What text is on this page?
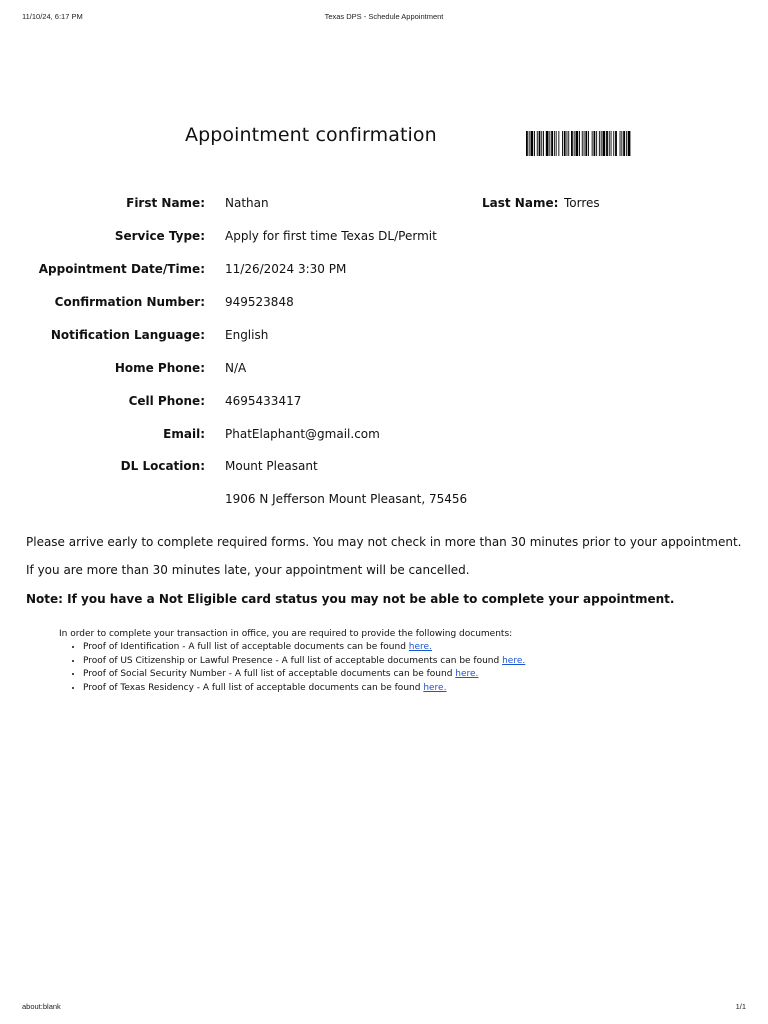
11/10/24, 6:17 PM	Texas DPS - Schedule Appointment
Appointment confirmation
First Name: Nathan	Last Name: Torres
Service Type: Apply for first time Texas DL/Permit
Appointment Date/Time: 11/26/2024 3:30 PM
Confirmation Number: 949523848
Notification Language: English
Home Phone: N/A
Cell Phone: 4695433417
Email: PhatElaphant@gmail.com
DL Location: Mount Pleasant
1906 N Jefferson Mount Pleasant, 75456

Please arrive early to complete required forms. You may not check in more than 30 minutes prior to your appointment.

If you are more than 30 minutes late, your appointment will be cancelled.

Note: If you have a Not Eligible card status you may not be able to complete your appointment.

In order to complete your transaction in office, you are required to provide the following documents:
• Proof of Identification - A full list of acceptable documents can be found here.
• Proof of US Citizenship or Lawful Presence - A full list of acceptable documents can be found here.
• Proof of Social Security Number - A full list of acceptable documents can be found here.
• Proof of Texas Residency - A full list of acceptable documents can be found here.
about:blank	1/1
